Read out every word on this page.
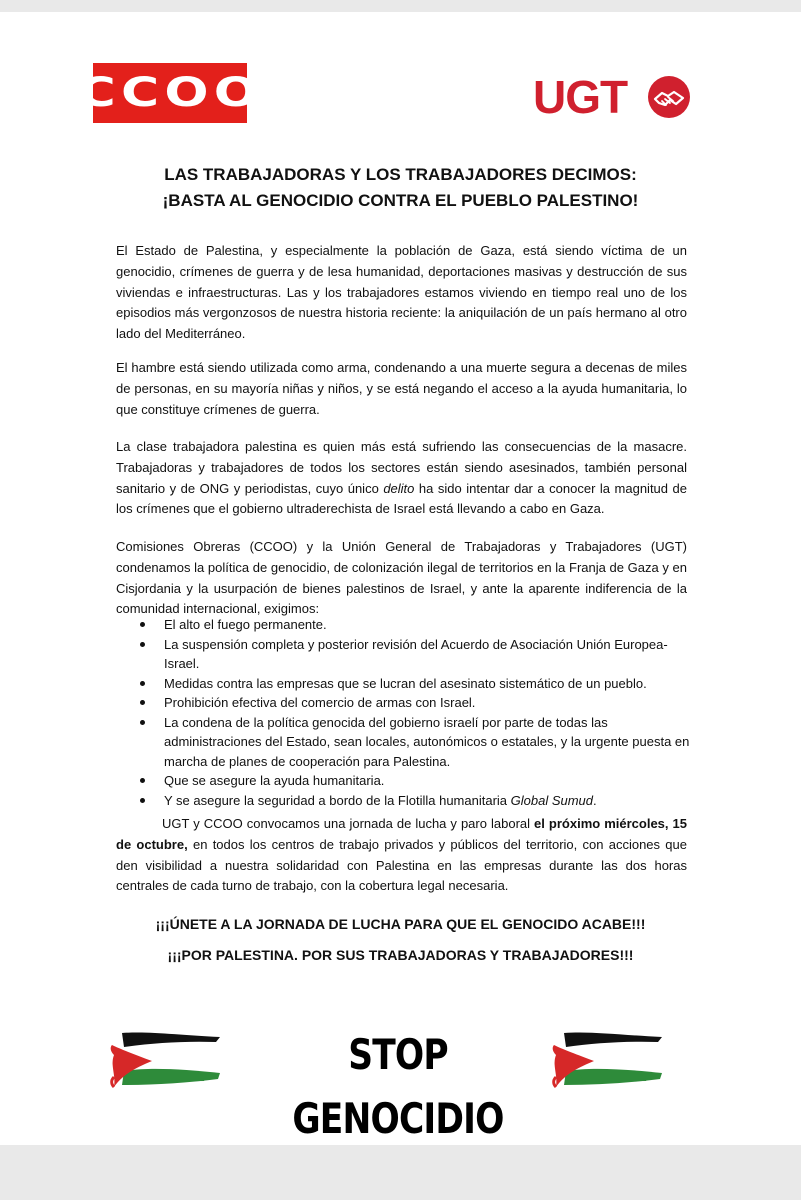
CCOO	UGT
LAS TRABAJADORAS Y LOS TRABAJADORES DECIMOS:
¡BASTA AL GENOCIDIO CONTRA EL PUEBLO PALESTINO!
El Estado de Palestina, y especialmente la población de Gaza, está siendo víctima de un genocidio, crímenes de guerra y de lesa humanidad, deportaciones masivas y destrucción de sus viviendas e infraestructuras. Las y los trabajadores estamos viviendo en tiempo real uno de los episodios más vergonzosos de nuestra historia reciente: la aniquilación de un país hermano al otro lado del Mediterráneo.
El hambre está siendo utilizada como arma, condenando a una muerte segura a decenas de miles de personas, en su mayoría niñas y niños, y se está negando el acceso a la ayuda humanitaria, lo que constituye crímenes de guerra.
La clase trabajadora palestina es quien más está sufriendo las consecuencias de la masacre. Trabajadoras y trabajadores de todos los sectores están siendo asesinados, también personal sanitario y de ONG y periodistas, cuyo único delito ha sido intentar dar a conocer la magnitud de los crímenes que el gobierno ultraderechista de Israel está llevando a cabo en Gaza.
Comisiones Obreras (CCOO) y la Unión General de Trabajadoras y Trabajadores (UGT) condenamos la política de genocidio, de colonización ilegal de territorios en la Franja de Gaza y en Cisjordania y la usurpación de bienes palestinos de Israel, y ante la aparente indiferencia de la comunidad internacional, exigimos:
El alto el fuego permanente.
La suspensión completa y posterior revisión del Acuerdo de Asociación Unión Europea-Israel.
Medidas contra las empresas que se lucran del asesinato sistemático de un pueblo.
Prohibición efectiva del comercio de armas con Israel.
La condena de la política genocida del gobierno israelí por parte de todas las administraciones del Estado, sean locales, autonómicos o estatales, y la urgente puesta en marcha de planes de cooperación para Palestina.
Que se asegure la ayuda humanitaria.
Y se asegure la seguridad a bordo de la Flotilla humanitaria Global Sumud.
UGT y CCOO convocamos una jornada de lucha y paro laboral el próximo miércoles, 15 de octubre, en todos los centros de trabajo privados y públicos del territorio, con acciones que den visibilidad a nuestra solidaridad con Palestina en las empresas durante las dos horas centrales de cada turno de trabajo, con la cobertura legal necesaria.
¡¡¡ÚNETE A LA JORNADA DE LUCHA PARA QUE EL GENOCIDO ACABE!!!
¡¡¡POR PALESTINA. POR SUS TRABAJADORAS Y TRABAJADORES!!!
STOP GENOCIDIO
